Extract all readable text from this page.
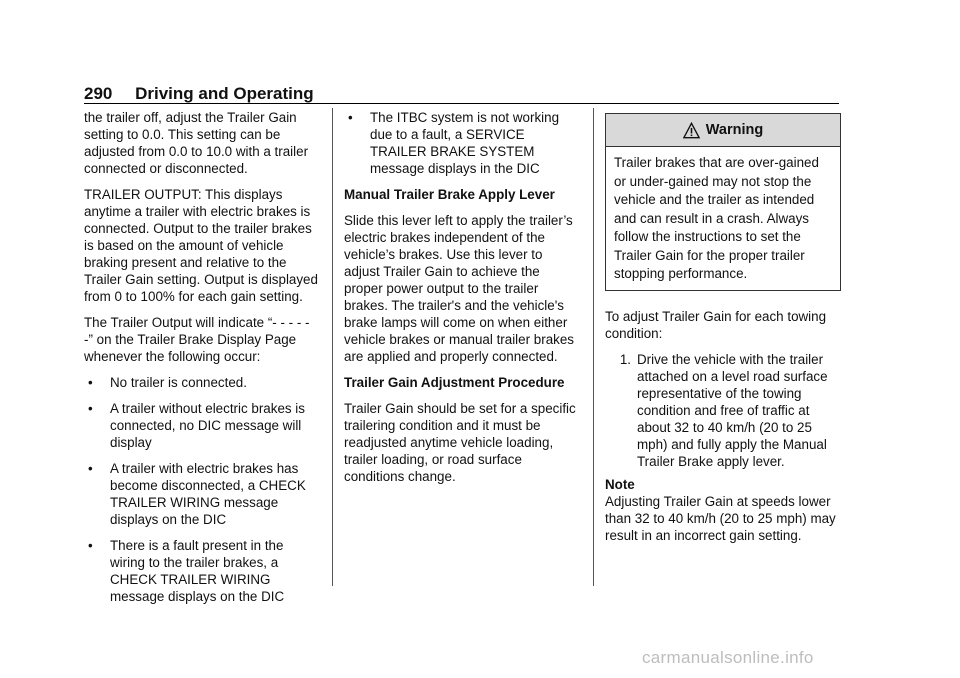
290 Driving and Operating

the trailer off, adjust the Trailer Gain setting to 0.0. This setting can be adjusted from 0.0 to 10.0 with a trailer connected or disconnected.

TRAILER OUTPUT: This displays anytime a trailer with electric brakes is connected. Output to the trailer brakes is based on the amount of vehicle braking present and relative to the Trailer Gain setting. Output is displayed from 0 to 100% for each gain setting.

The Trailer Output will indicate “- - - - - -” on the Trailer Brake Display Page whenever the following occur:

•	No trailer is connected.
•	A trailer without electric brakes is connected, no DIC message will display
•	A trailer with electric brakes has become disconnected, a CHECK TRAILER WIRING message displays on the DIC
•	There is a fault present in the wiring to the trailer brakes, a CHECK TRAILER WIRING message displays on the DIC
•	The ITBC system is not working due to a fault, a SERVICE TRAILER BRAKE SYSTEM message displays in the DIC
Manual Trailer Brake Apply Lever

Slide this lever left to apply the trailer’s electric brakes independent of the vehicle’s brakes. Use this lever to adjust Trailer Gain to achieve the proper power output to the trailer brakes. The trailer's and the vehicle's brake lamps will come on when either vehicle brakes or manual trailer brakes are applied and properly connected.

Trailer Gain Adjustment Procedure

Trailer Gain should be set for a specific trailering condition and it must be readjusted anytime vehicle loading, trailer loading, or road surface conditions change.

Warning
Trailer brakes that are over-gained or under-gained may not stop the vehicle and the trailer as intended and can result in a crash. Always follow the instructions to set the Trailer Gain for the proper trailer stopping performance.

To adjust Trailer Gain for each towing condition:

1. Drive the vehicle with the trailer attached on a level road surface representative of the towing condition and free of traffic at about 32 to 40 km/h (20 to 25 mph) and fully apply the Manual Trailer Brake apply lever.
Note

Adjusting Trailer Gain at speeds lower than 32 to 40 km/h (20 to 25 mph) may result in an incorrect gain setting.

carmanualsonline.info
